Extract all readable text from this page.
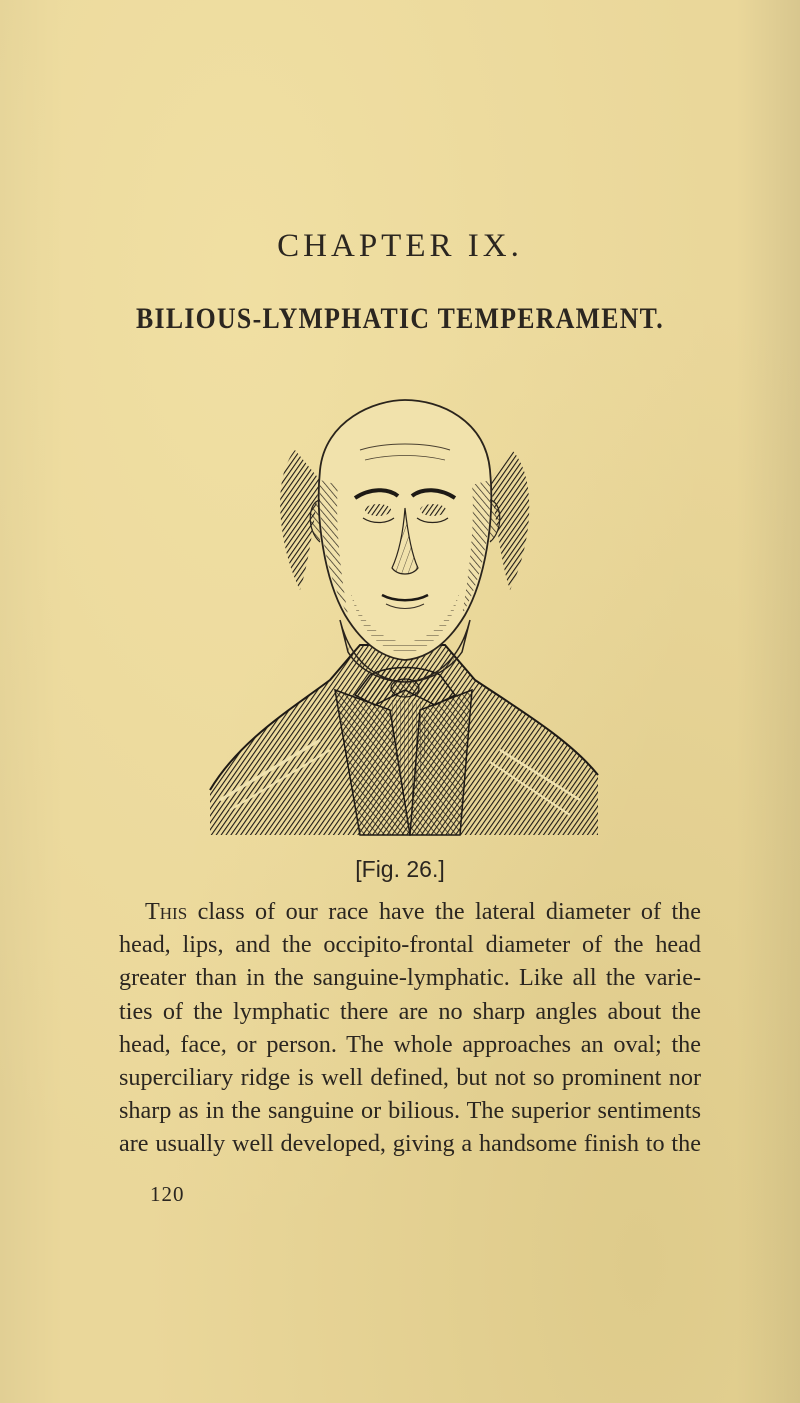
CHAPTER IX.
BILIOUS-LYMPHATIC TEMPERAMENT.
[Fig. 26.]
This class of our race have the lateral diameter of the
head, lips, and the occipito-frontal diameter of the head
greater than in the sanguine-lymphatic. Like all the varie-
ties of the lymphatic there are no sharp angles about the
head, face, or person. The whole approaches an oval; the
superciliary ridge is well defined, but not so prominent nor
sharp as in the sanguine or bilious. The superior sentiments
are usually well developed, giving a handsome finish to the
120
